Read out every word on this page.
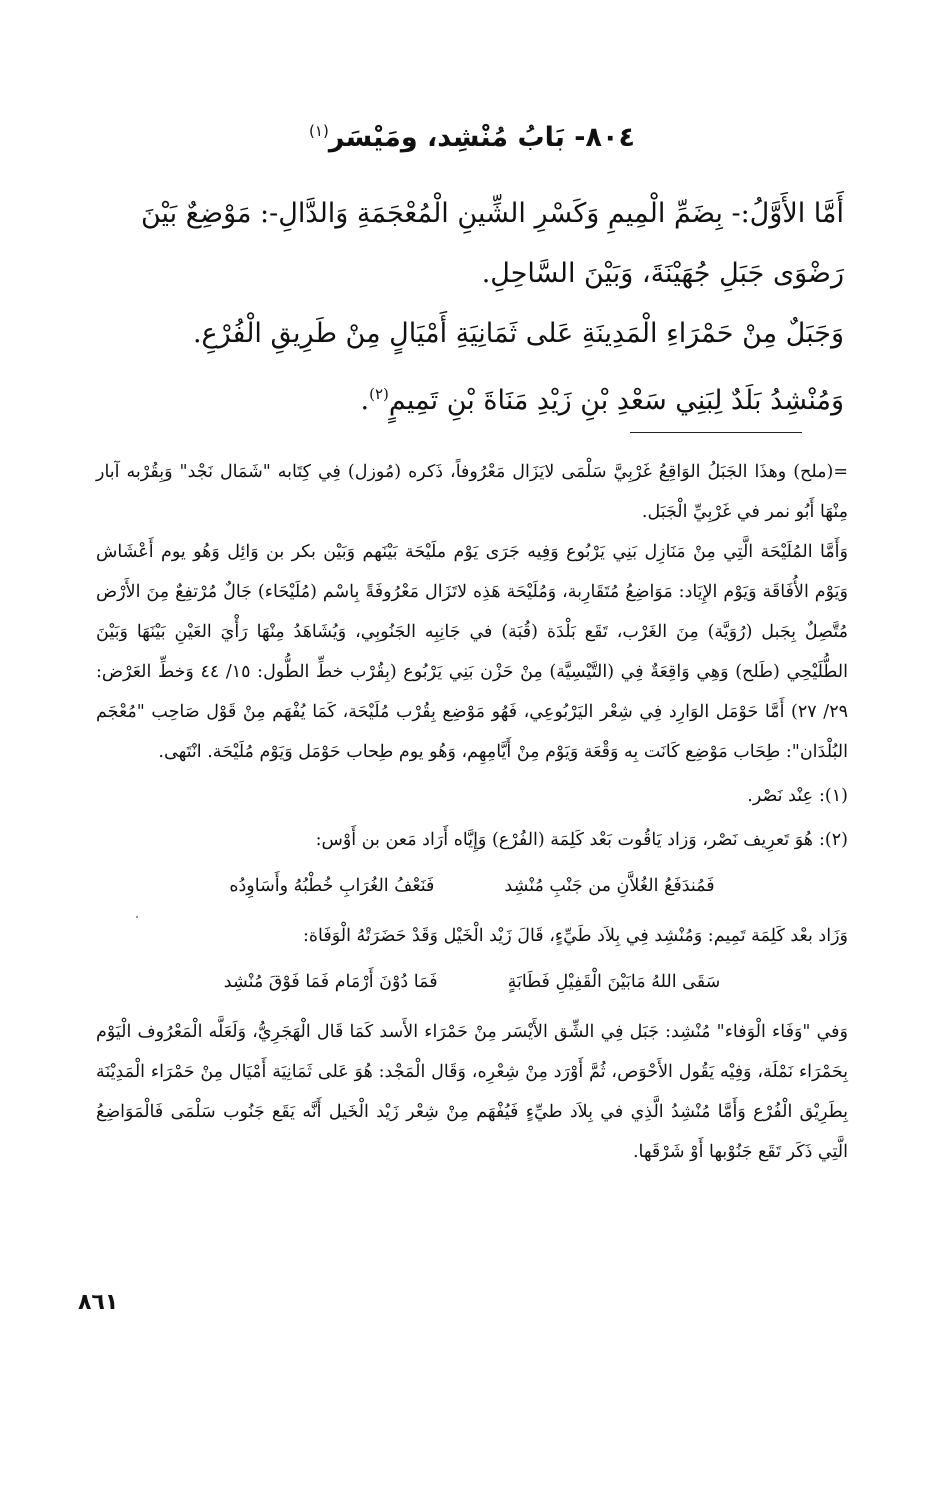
٨٠٤- بَابُ مُنْشِد، ومَيْسَر$^{(١)}$

أَمَّا الأَوَّلُ:- بِضَمِّ الْمِيمِ وَكَسْرِ الشِّينِ الْمُعْجَمَةِ وَالدَّالِ-: مَوْضِعٌ بَيْنَ رَضْوَى جَبَلِ جُهَيْنَةَ، وَبَيْنَ السَّاحِلِ.

وَجَبَلٌ مِنْ حَمْرَاءِ الْمَدِينَةِ عَلى ثَمَانِيَةِ أَمْيَالٍ مِنْ طَرِيقِ الْفُرْعِ.

وَمُنْشِدُ بَلَدٌ لِبَنِي سَعْدِ بْنِ زَيْدِ مَنَاةَ بْنِ تَمِيمٍ$^{(٢)}$.

=(ملح) وهذَا الجَبَلُ الوَاقِعُ غَرْبِيَّ سَلْمَى لايَزَال مَعْرُوفاً، ذَكره (مُوزل) فِي كِتَابه "شَمَال نَجْد" وَبِقُرْبه آبار مِنْهَا أَبُو نمر في غَرْبِيِّ الْجَبَل.

وَأَمَّا المُلَيْحَة الَّتِي مِنْ مَنَازِل بَنِي يَرْبُوع وَفِيه جَرَى يَوْم ملَيْحَة بَيْنَهم وَبَيْن بكر بن وَائِل وَهُو يوم أَعْشَاش وَيَوْم الأُفَاقَة وَيَوْم الإِيَاد: مَوَاضِعُ مُتَقَارِبة، وَمُلَيْحَة هَذِه لاتَزَال مَعْرُوفَةً بِاسْم (مُلَيْحَاء) جَالٌ مُرْتفِعٌ مِنَ الأَرْض مُتَّصِلٌ بِجَبل (رُوَيَّة) مِنَ الغَرْب، تَقَع بَلْدَة (قُبَة) في جَانِبِه الجَنُوبِي، وَيُشَاهَدُ مِنْهَا رَأْيَ العَيْنِ بَيْنَهَا وَبَيْنَ الطُّلَيْحِي (طَلح) وَهِي وَاقِعَةٌ فِي (التَّيْسِيَّة) مِنْ حَزْن بَنِي يَرْبُوع (بِقُرْب خطِّ الطُّول: ١٥/ ٤٤ وَخطِّ العَرْض: ٢٩/ ٢٧) أَمَّا حَوْمَل الوَارِد فِي شِعْر اليَرْبُوعِي، فَهُو مَوْضِع بِقُرْب مُلَيْحَة، كَمَا يُفْهَم مِنْ قَوْل صَاحِب "مُعْجَم البُلْدَان": طِحَاب مَوْضِع كَانَت بِه وَقْعَة وَيَوْم مِنْ أَيَّامِهِم، وَهُو يوم طِحاب حَوْمَل وَيَوْم مُلَيْحَة. انْتَهى.

(١):عِنْد نَصْر.

(٢):هُوَ تَعرِيف نَصْر، وَزاد يَاقُوت بَعْد كَلِمَة (الفُرْع) وَإِيَّاه أَرَاد مَعن بن أَوْس:

فَمُندَفَعُ الغُلاَّنِ من جَنْبِ مُنْشِد
فَنَعْفُ الغُرَابِ خُطْبُهُ وأَسَاوِدُه

وَزَاد بعْد كَلِمَة تَمِيم: وَمُنْشِد فِي بِلاَد طَيِّءٍ، قَالَ زَيْد الْخَيْل وَقَدْ حَضَرَتْهُ الْوَفَاة:

سَقَى اللهُ مَابَيْنَ الْقَفِيْلِ فَطَابَةٍ
فَمَا دُوْنَ أَرْمَام فَمَا فَوْقَ مُنْشِد

وَفي "وَفَاء الْوَفاء" مُنْشِد: جَبَل فِي الشِّق الأَيْسَر مِنْ حَمْرَاء الأَسد كَمَا قَال الْهَجَرِيُّ، وَلَعَلَّه الْمَعْرُوف الْيَوْم بِحَمْرَاء نَمْلَة، وَفِيْه يَقُول الأَحْوَص، ثُمَّ أَوْرَد مِنْ شِعْرِه، وَقَال الْمَجْد: هُوَ عَلى ثَمَانِيَة أَمْيَال مِنْ حَمْرَاء الْمَدِيْنَة بِطَرِيْق الْفُرْع وَأَمَّا مُنْشِدُ الَّذِي في بِلاَد طيِّءٍ فَيُفْهَم مِنْ شِعْر زَيْد الْخَيل أَنَّه يَقَع جَنُوب سَلْمَى فَالْمَوَاضِعُ الَّتِي ذَكَر تَقَع جَنُوْبها أَوْ شَرْقَها.

٨٦١
